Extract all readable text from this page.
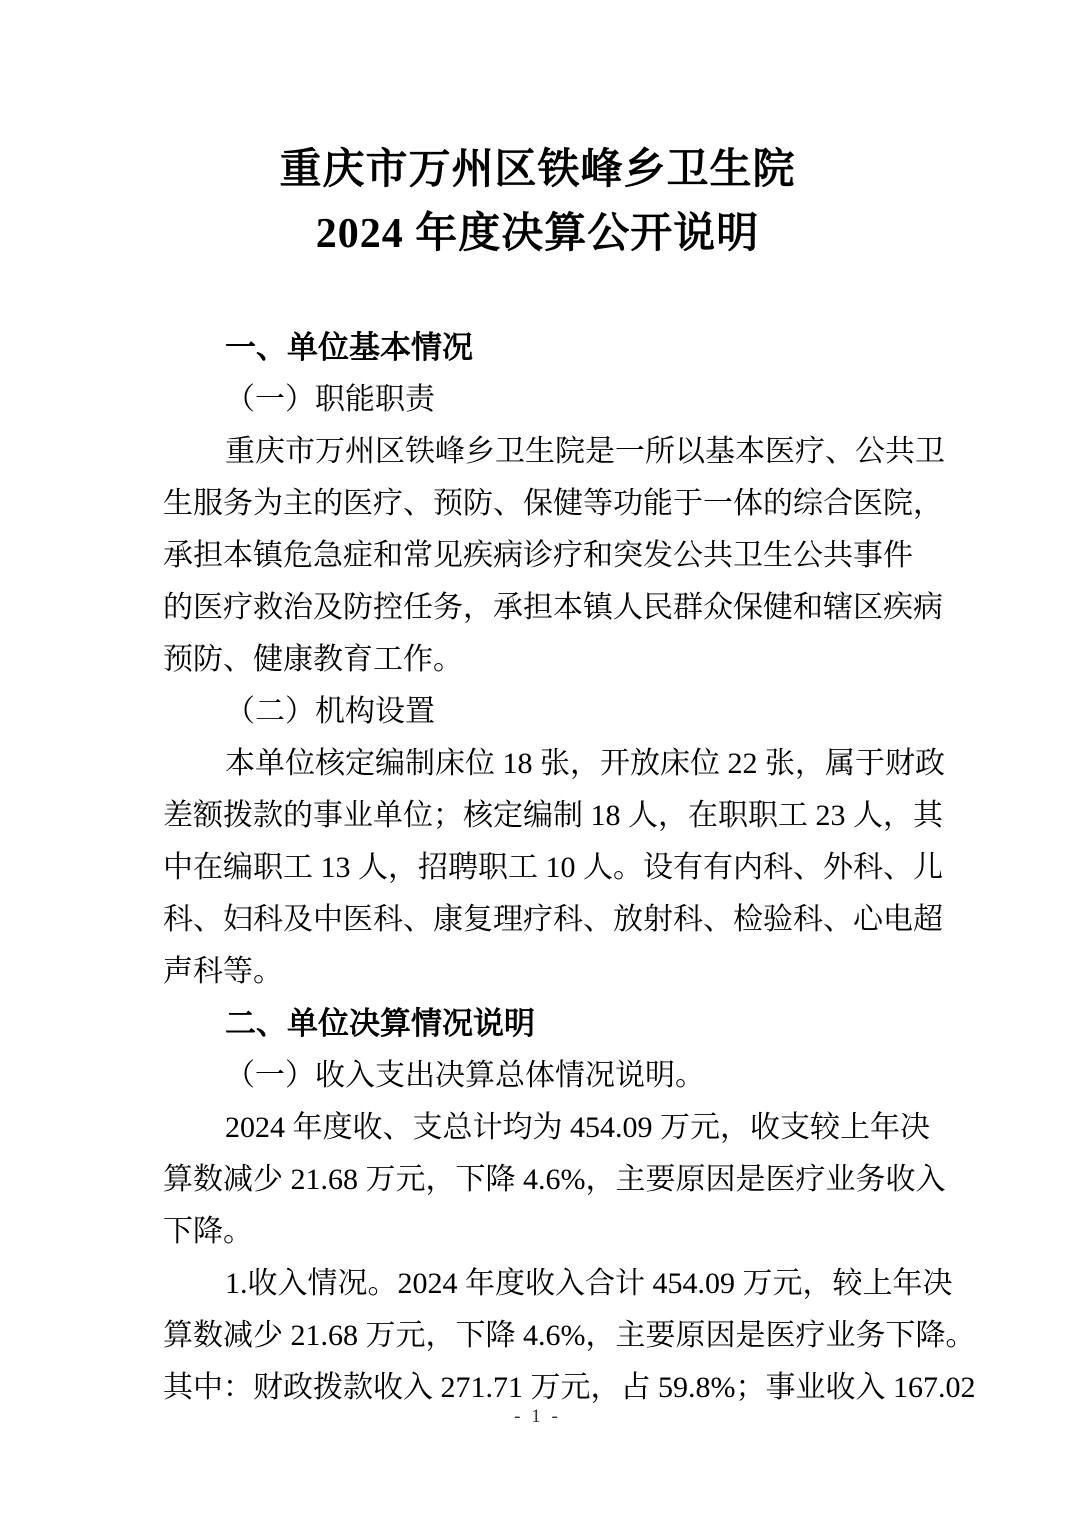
重庆市万州区铁峰乡卫生院
2024 年度决算公开说明
一、单位基本情况
（一）职能职责
重庆市万州区铁峰乡卫生院是一所以基本医疗、公共卫
生服务为主的医疗、预防、保健等功能于一体的综合医院，
承担本镇危急症和常见疾病诊疗和突发公共卫生公共事件
的医疗救治及防控任务，承担本镇人民群众保健和辖区疾病
预防、健康教育工作。
（二）机构设置
本单位核定编制床位 18 张，开放床位 22 张，属于财政
差额拨款的事业单位；核定编制 18 人，在职职工 23 人，其
中在编职工 13 人，招聘职工 10 人。设有有内科、外科、儿
科、妇科及中医科、康复理疗科、放射科、检验科、心电超
声科等。
二、单位决算情况说明
（一）收入支出决算总体情况说明。
2024 年度收、支总计均为 454.09 万元，收支较上年决
算数减少 21.68 万元，下降 4.6%，主要原因是医疗业务收入
下降。
1.收入情况。2024 年度收入合计 454.09 万元，较上年决
算数减少 21.68 万元，下降 4.6%，主要原因是医疗业务下降。
其中：财政拨款收入 271.71 万元，占 59.8%；事业收入 167.02
- 1 -
